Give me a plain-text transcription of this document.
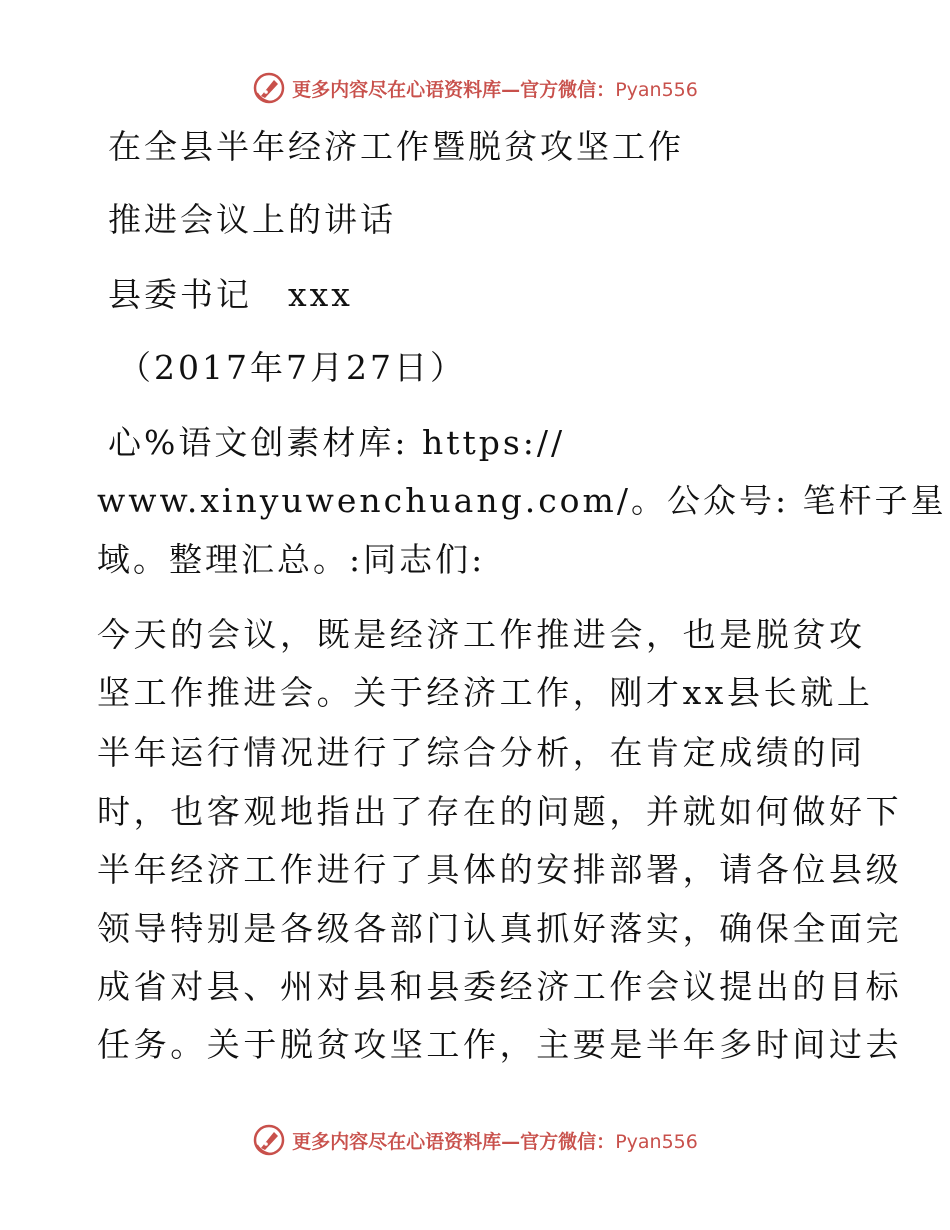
更多内容尽在心语资料库—官方微信：Pyan556
在全县半年经济工作暨脱贫攻坚工作
推进会议上的讲话
县委书记　xxx
（2017年7月27日）
心%语文创素材库: https://
www.xinyuwenchuang.com/。公众号: 笔杆子星
域。整理汇总。:同志们:
今天的会议，既是经济工作推进会，也是脱贫攻
坚工作推进会。关于经济工作，刚才xx县长就上
半年运行情况进行了综合分析，在肯定成绩的同
时，也客观地指出了存在的问题，并就如何做好下
半年经济工作进行了具体的安排部署，请各位县级
领导特别是各级各部门认真抓好落实，确保全面完
成省对县、州对县和县委经济工作会议提出的目标
任务。关于脱贫攻坚工作，主要是半年多时间过去
更多内容尽在心语资料库—官方微信：Pyan556
